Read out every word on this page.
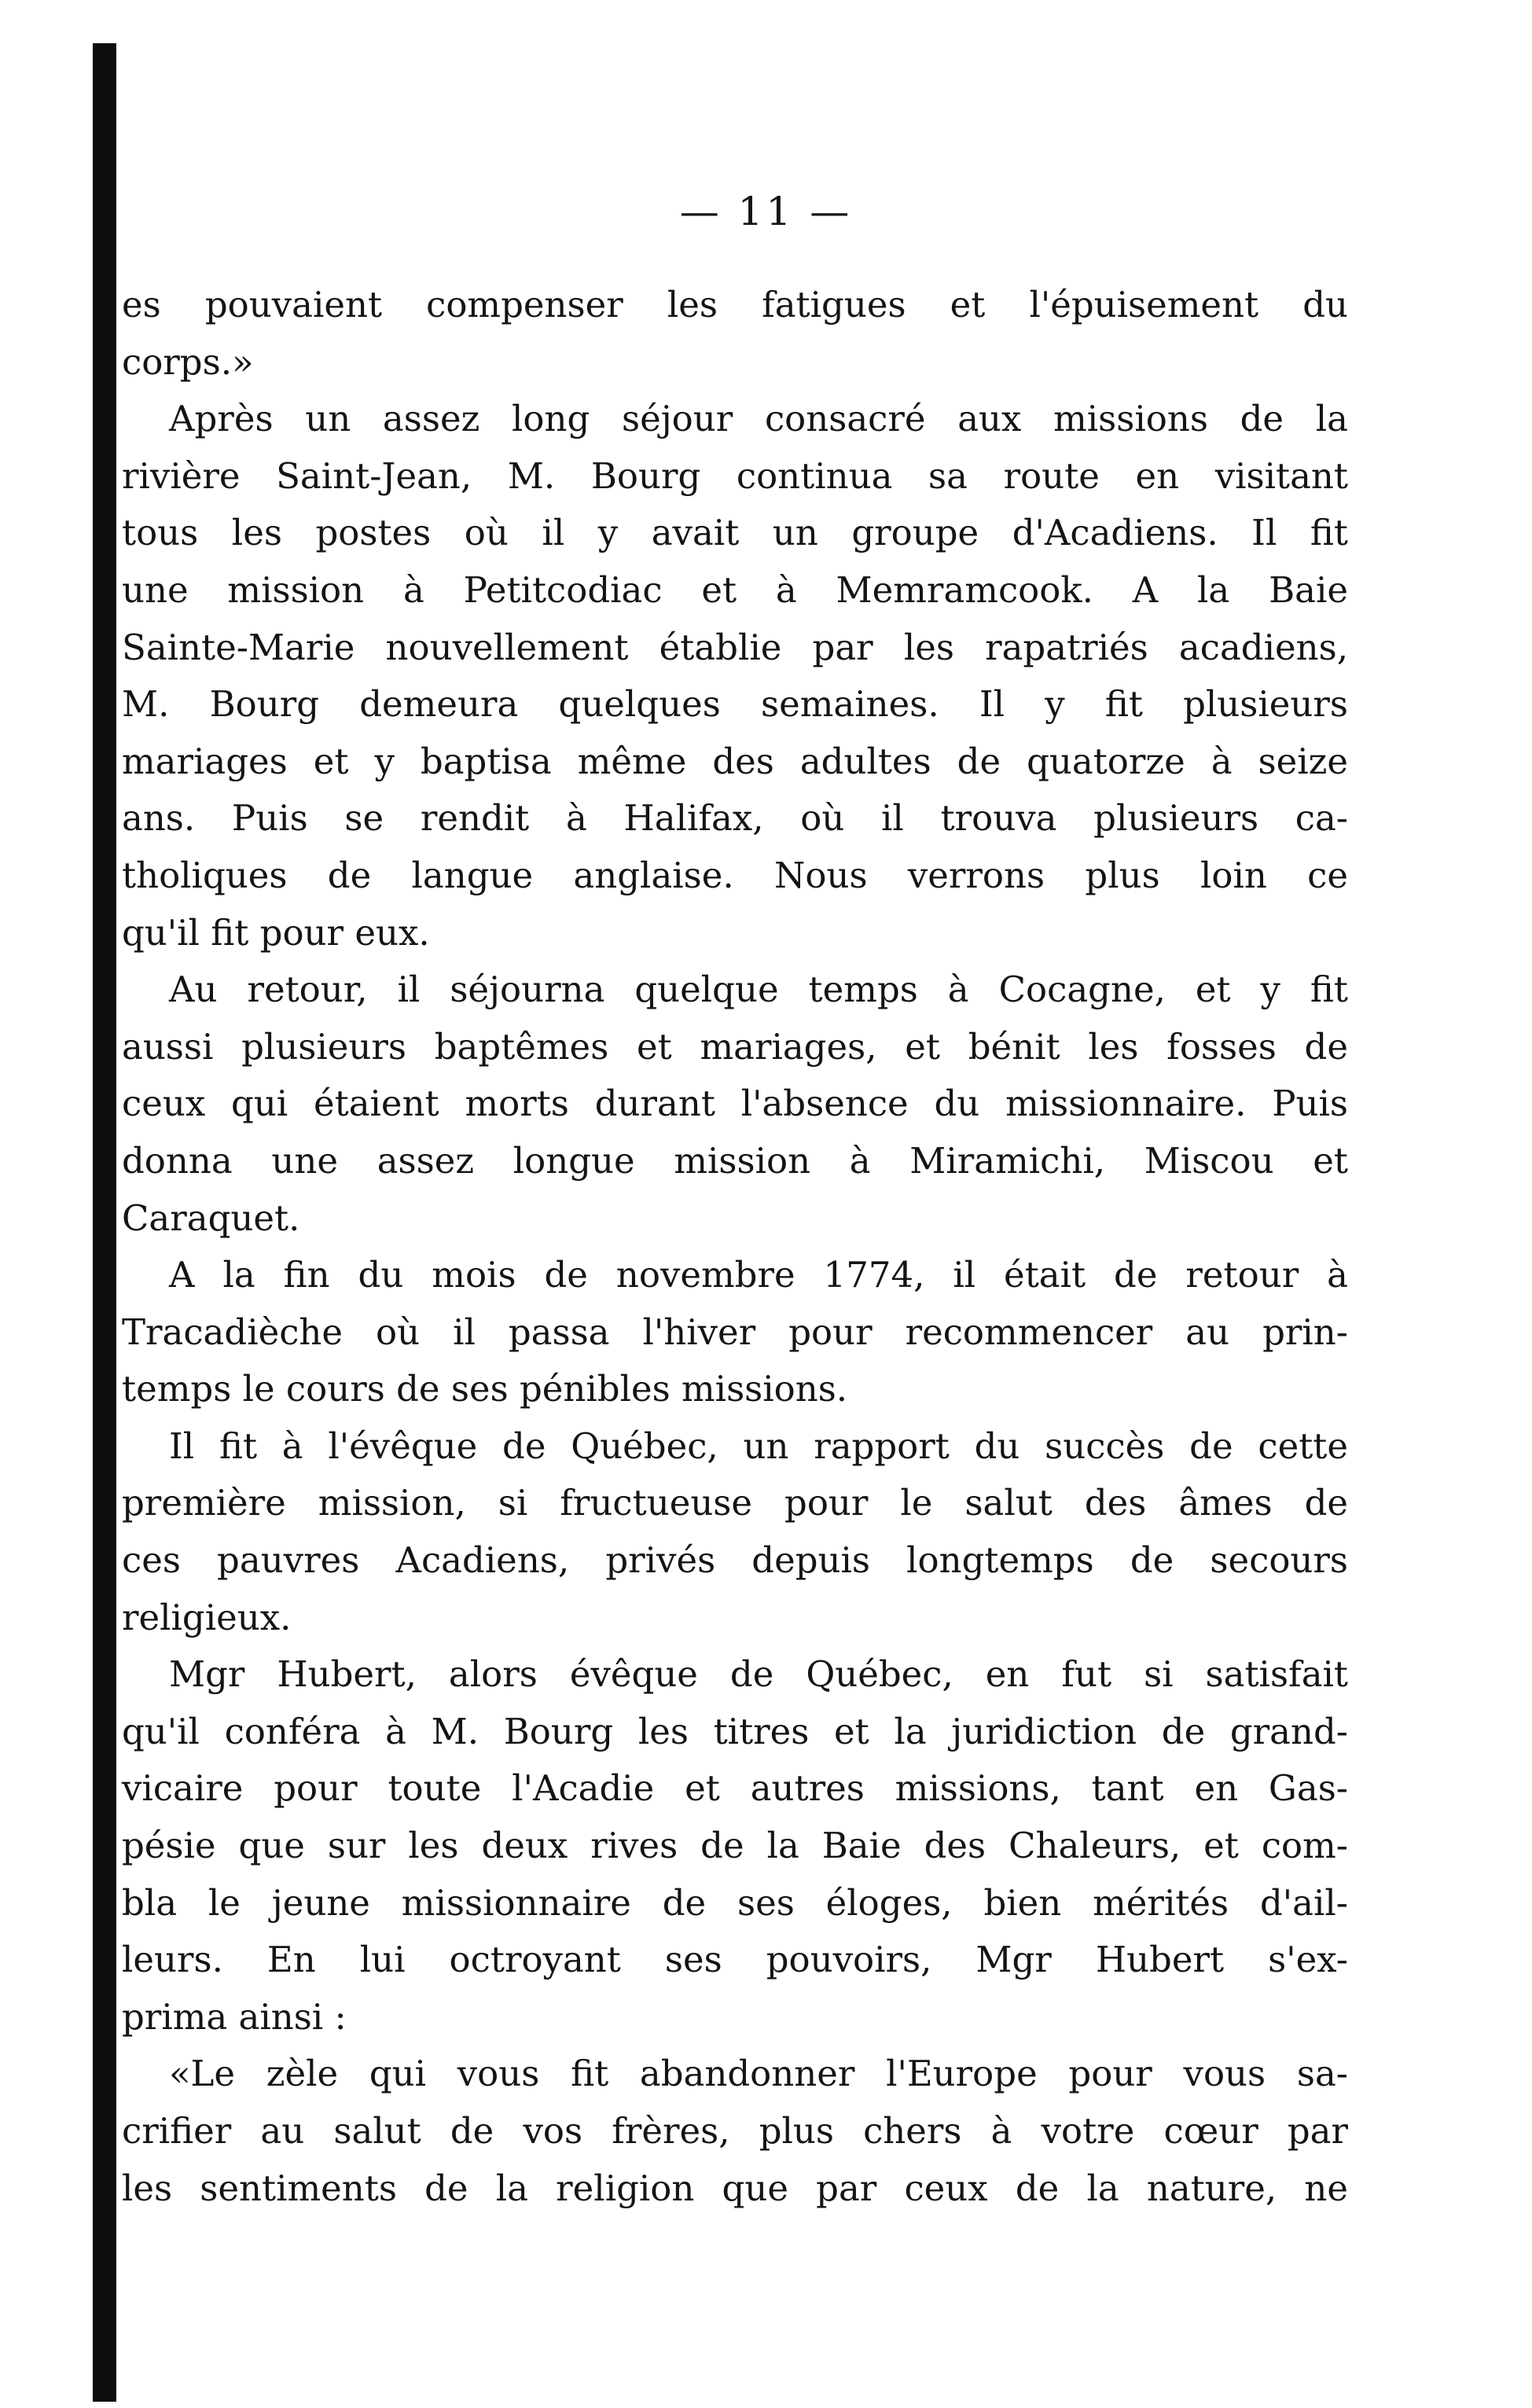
— 11 —
es pouvaient compenser les fatigues et l'épuisement du
corps.»
Après un assez long séjour consacré aux missions de la
rivière Saint-Jean, M. Bourg continua sa route en visitant
tous les postes où il y avait un groupe d'Acadiens. Il fit
une mission à Petitcodiac et à Memramcook. A la Baie
Sainte-Marie nouvellement établie par les rapatriés acadiens,
M. Bourg demeura quelques semaines. Il y fit plusieurs
mariages et y baptisa même des adultes de quatorze à seize
ans. Puis se rendit à Halifax, où il trouva plusieurs ca-
tholiques de langue anglaise. Nous verrons plus loin ce
qu'il fit pour eux.
Au retour, il séjourna quelque temps à Cocagne, et y fit
aussi plusieurs baptêmes et mariages, et bénit les fosses de
ceux qui étaient morts durant l'absence du missionnaire. Puis
donna une assez longue mission à Miramichi, Miscou et
Caraquet.
A la fin du mois de novembre 1774, il était de retour à
Tracadièche où il passa l'hiver pour recommencer au prin-
temps le cours de ses pénibles missions.
Il fit à l'évêque de Québec, un rapport du succès de cette
première mission, si fructueuse pour le salut des âmes de
ces pauvres Acadiens, privés depuis longtemps de secours
religieux.
Mgr Hubert, alors évêque de Québec, en fut si satisfait
qu'il conféra à M. Bourg les titres et la juridiction de grand-
vicaire pour toute l'Acadie et autres missions, tant en Gas-
pésie que sur les deux rives de la Baie des Chaleurs, et com-
bla le jeune missionnaire de ses éloges, bien mérités d'ail-
leurs. En lui octroyant ses pouvoirs, Mgr Hubert s'ex-
prima ainsi :
«Le zèle qui vous fit abandonner l'Europe pour vous sa-
crifier au salut de vos frères, plus chers à votre cœur par
les sentiments de la religion que par ceux de la nature, ne
